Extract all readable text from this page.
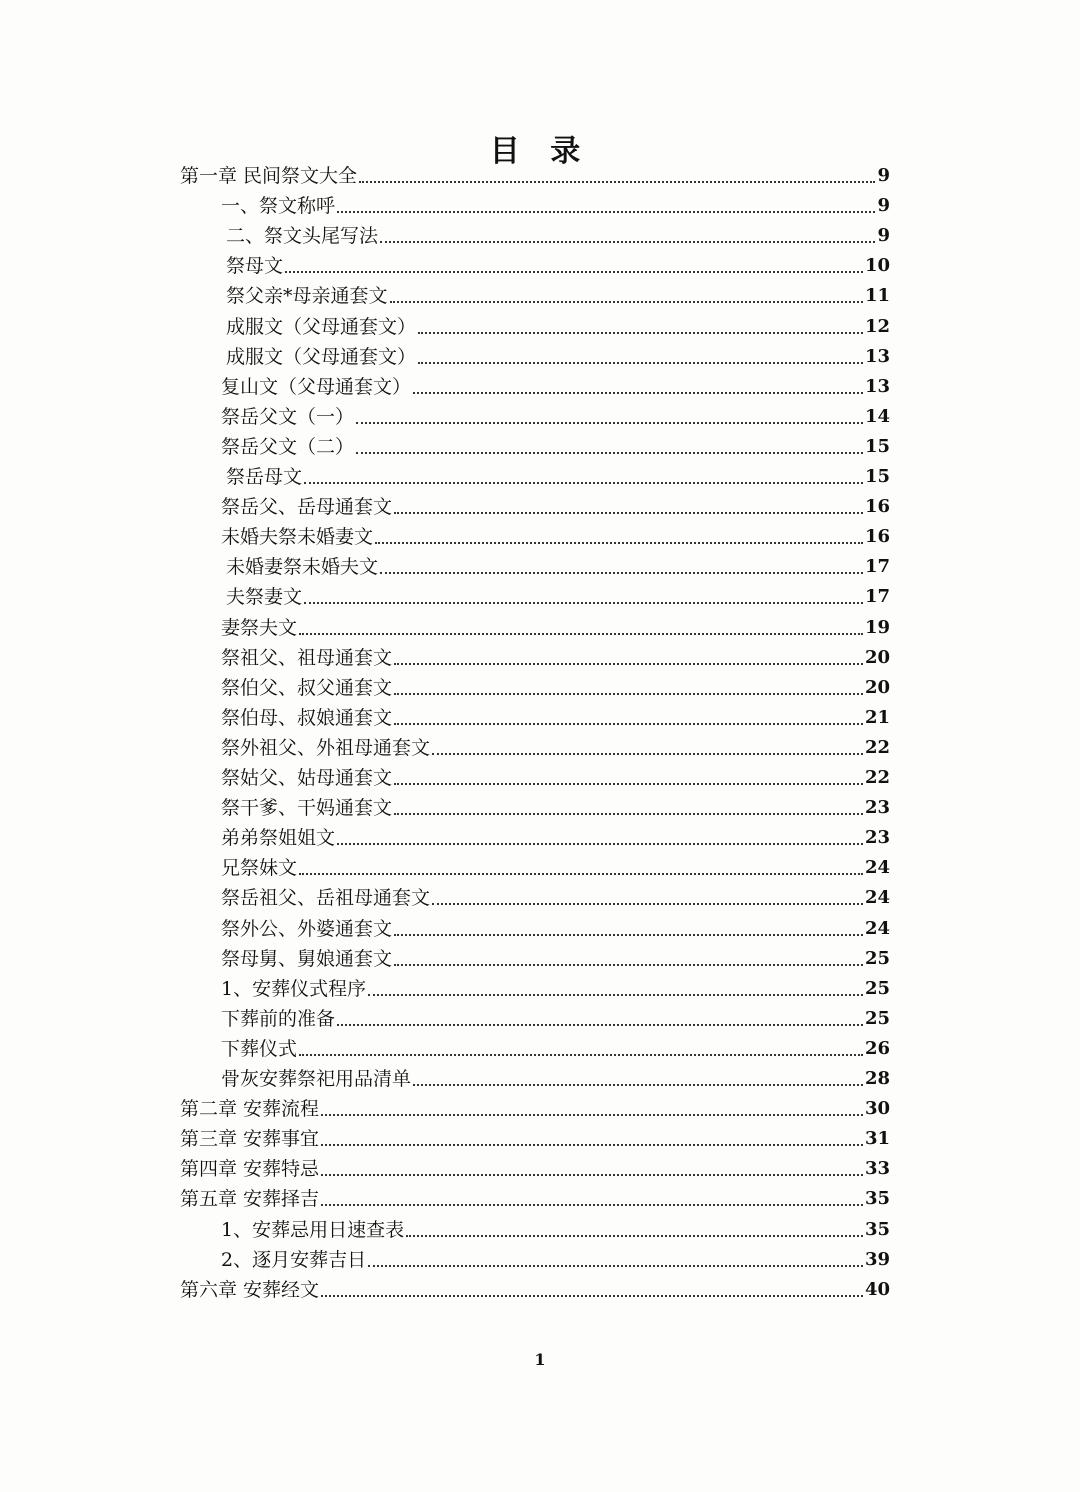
目 录
第一章 民间祭文大全	9
一、祭文称呼	9
二、祭文头尾写法	9
祭母文	10
祭父亲*母亲通套文	11
成服文（父母通套文）	12
成服文（父母通套文）	13
复山文（父母通套文）	13
祭岳父文（一）	14
祭岳父文（二）	15
祭岳母文	15
祭岳父、岳母通套文	16
未婚夫祭未婚妻文	16
未婚妻祭未婚夫文	17
夫祭妻文	17
妻祭夫文	19
祭祖父、祖母通套文	20
祭伯父、叔父通套文	20
祭伯母、叔娘通套文	21
祭外祖父、外祖母通套文	22
祭姑父、姑母通套文	22
祭干爹、干妈通套文	23
弟弟祭姐姐文	23
兄祭妹文	24
祭岳祖父、岳祖母通套文	24
祭外公、外婆通套文	24
祭母舅、舅娘通套文	25
1、安葬仪式程序	25
下葬前的准备	25
下葬仪式	26
骨灰安葬祭祀用品清单	28
第二章 安葬流程	30
第三章 安葬事宜	31
第四章 安葬特忌	33
第五章 安葬择吉	35
1、安葬忌用日速查表	35
2、逐月安葬吉日	39
第六章 安葬经文	40
1
